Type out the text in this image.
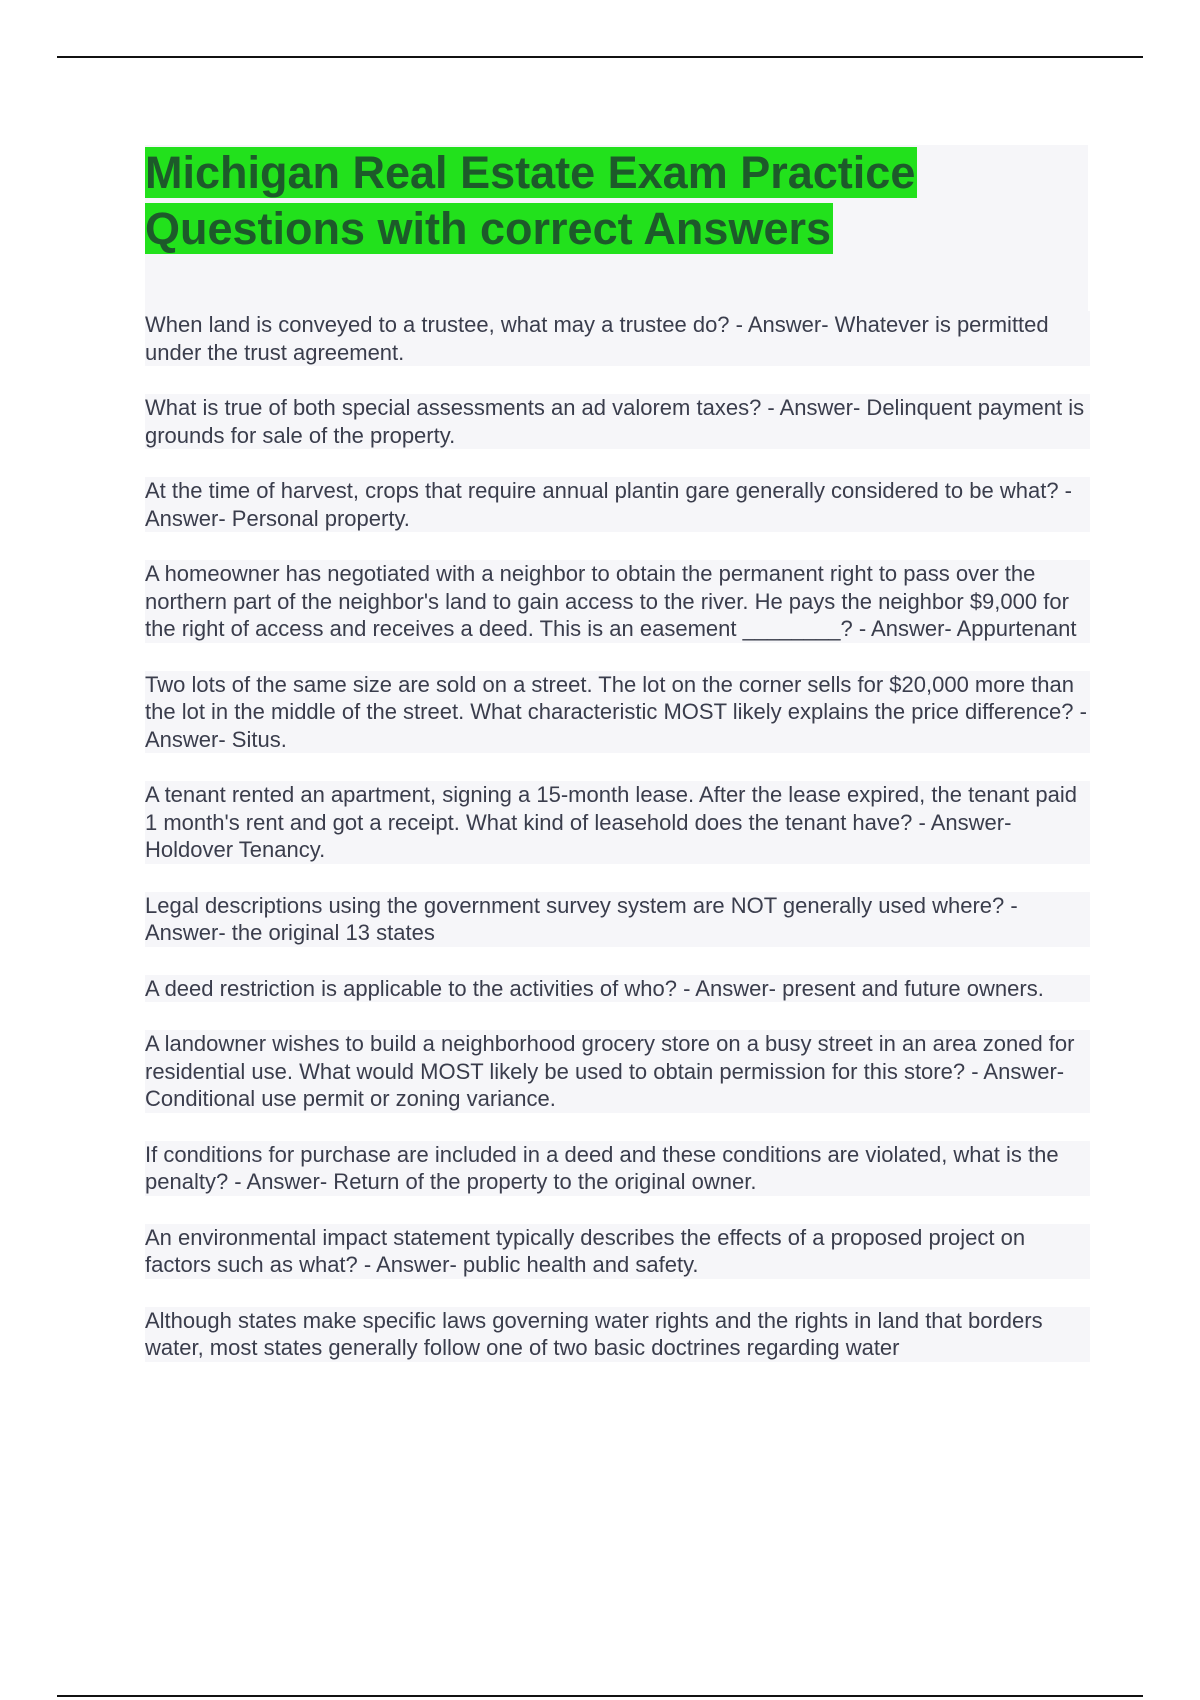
Michigan Real Estate Exam Practice Questions with correct Answers

When land is conveyed to a trustee, what may a trustee do? - Answer- Whatever is permitted under the trust agreement.

What is true of both special assessments an ad valorem taxes? - Answer- Delinquent payment is grounds for sale of the property.

At the time of harvest, crops that require annual plantin gare generally considered to be what? - Answer- Personal property.

A homeowner has negotiated with a neighbor to obtain the permanent right to pass over the northern part of the neighbor's land to gain access to the river. He pays the neighbor $9,000 for the right of access and receives a deed. This is an easement ________? - Answer- Appurtenant

Two lots of the same size are sold on a street. The lot on the corner sells for $20,000 more than the lot in the middle of the street. What characteristic MOST likely explains the price difference? - Answer- Situs.

A tenant rented an apartment, signing a 15-month lease. After the lease expired, the tenant paid 1 month's rent and got a receipt. What kind of leasehold does the tenant have? - Answer- Holdover Tenancy.

Legal descriptions using the government survey system are NOT generally used where? - Answer- the original 13 states

A deed restriction is applicable to the activities of who? - Answer- present and future owners.

A landowner wishes to build a neighborhood grocery store on a busy street in an area zoned for residential use. What would MOST likely be used to obtain permission for this store? - Answer- Conditional use permit or zoning variance.

If conditions for purchase are included in a deed and these conditions are violated, what is the penalty? - Answer- Return of the property to the original owner.

An environmental impact statement typically describes the effects of a proposed project on factors such as what? - Answer- public health and safety.

Although states make specific laws governing water rights and the rights in land that borders water, most states generally follow one of two basic doctrines regarding water
